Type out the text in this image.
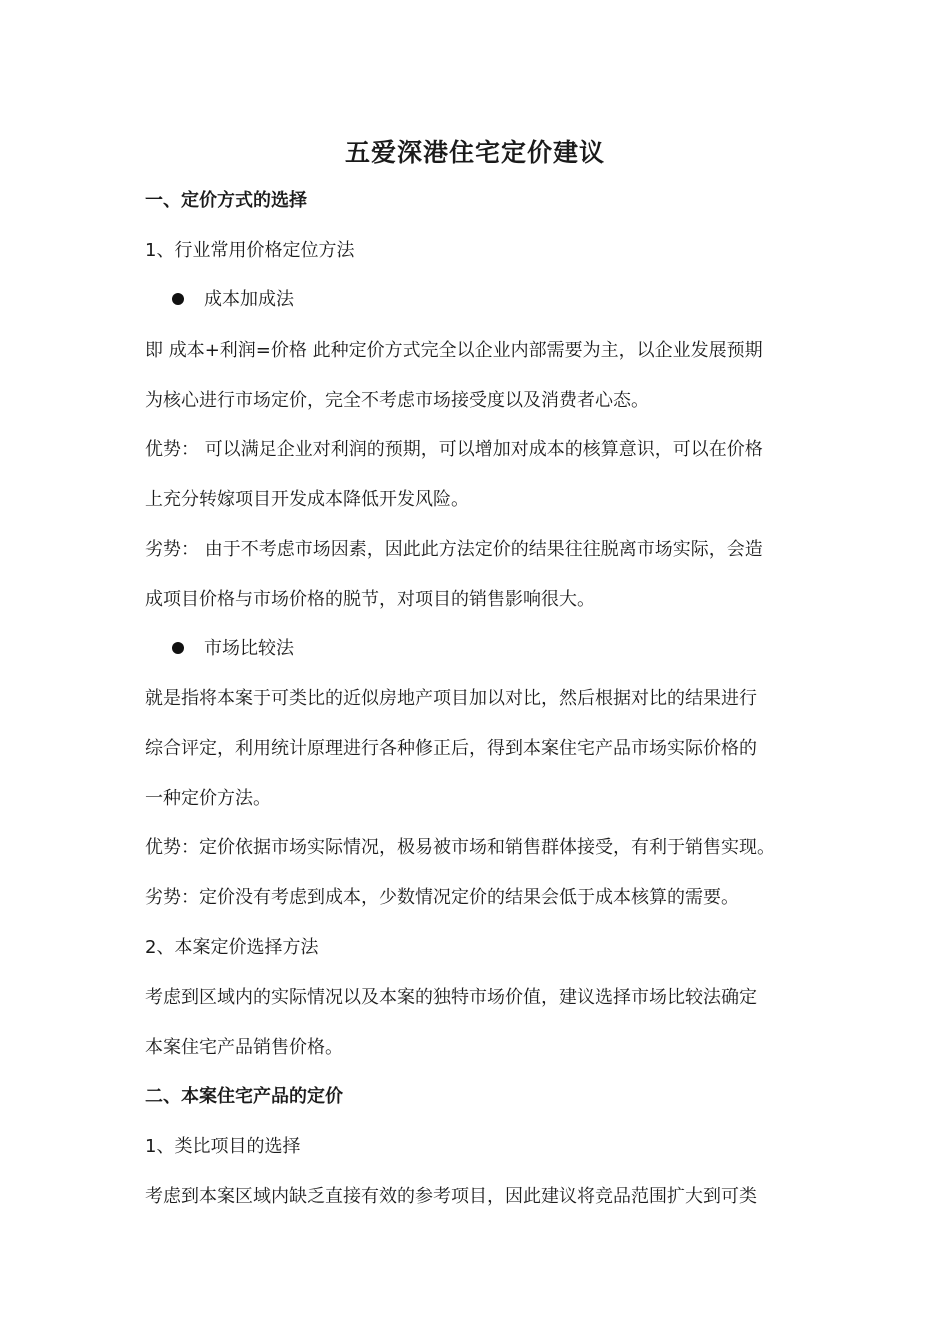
五爱深港住宅定价建议
一、定价方式的选择
1、行业常用价格定位方法
成本加成法
即 成本+利润=价格 此种定价方式完全以企业内部需要为主，以企业发展预期
为核心进行市场定价，完全不考虑市场接受度以及消费者心态。
优势： 可以满足企业对利润的预期，可以增加对成本的核算意识，可以在价格
上充分转嫁项目开发成本降低开发风险。
劣势： 由于不考虑市场因素，因此此方法定价的结果往往脱离市场实际，会造
成项目价格与市场价格的脱节，对项目的销售影响很大。
市场比较法
就是指将本案于可类比的近似房地产项目加以对比，然后根据对比的结果进行
综合评定，利用统计原理进行各种修正后，得到本案住宅产品市场实际价格的
一种定价方法。
优势：定价依据市场实际情况，极易被市场和销售群体接受，有利于销售实现。
劣势：定价没有考虑到成本，少数情况定价的结果会低于成本核算的需要。
2、本案定价选择方法
考虑到区域内的实际情况以及本案的独特市场价值，建议选择市场比较法确定
本案住宅产品销售价格。
二、本案住宅产品的定价
1、类比项目的选择
考虑到本案区域内缺乏直接有效的参考项目，因此建议将竞品范围扩大到可类
